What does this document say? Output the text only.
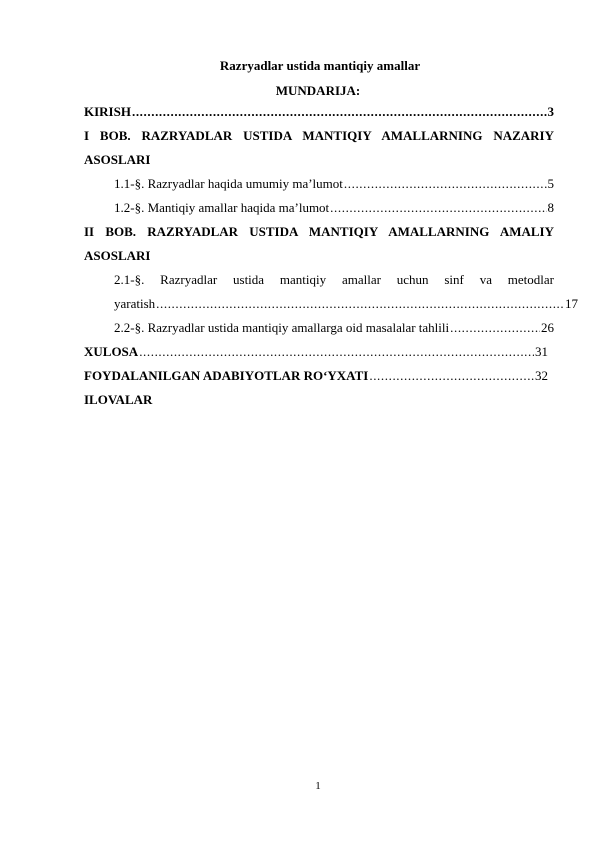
Razryadlar ustida mantiqiy amallar
MUNDARIJA:
KIRISH .....	3
I BOB. RAZRYADLAR USTIDA MANTIQIY AMALLARNING NAZARIY
ASOSLARI
1.1-§. Razryadlar haqida umumiy ma’lumot .....	5
1.2-§. Mantiqiy amallar haqida ma’lumot .....	8
II BOB. RAZRYADLAR USTIDA MANTIQIY AMALLARNING AMALIY
ASOSLARI
2.1-§. Razryadlar ustida mantiqiy amallar uchun sinf va metodlar
yaratish .....	17
2.2-§. Razryadlar ustida mantiqiy amallarga oid masalalar tahlili .....	26
XULOSA .....	31
FOYDALANILGAN ADABIYOTLAR RO‘YXATI .....	32
ILOVALAR
1
